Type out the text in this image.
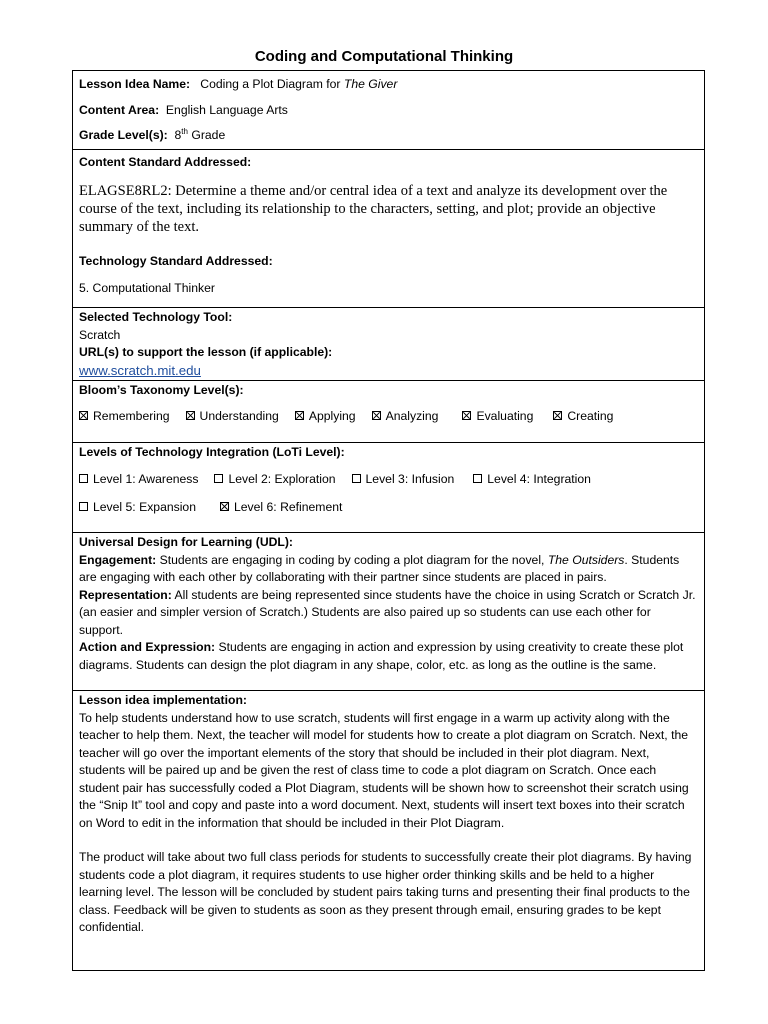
Coding and Computational Thinking
Lesson Idea Name: Coding a Plot Diagram for The Giver
Content Area: English Language Arts
Grade Level(s): 8th Grade
Content Standard Addressed:
ELAGSE8RL2: Determine a theme and/or central idea of a text and analyze its development over the course of the text, including its relationship to the characters, setting, and plot; provide an objective summary of the text.
Technology Standard Addressed:
5. Computational Thinker
Selected Technology Tool:
Scratch
URL(s) to support the lesson (if applicable):
www.scratch.mit.edu
Bloom’s Taxonomy Level(s):
Remembering Understanding Applying Analyzing	Evaluating	Creating
Levels of Technology Integration (LoTi Level):
Level 1: Awareness Level 2: Exploration Level 3: Infusion	Level 4: Integration
Level 5: Expansion	Level 6: Refinement
Universal Design for Learning (UDL):
Engagement: Students are engaging in coding by coding a plot diagram for the novel, The Outsiders. Students are engaging with each other by collaborating with their partner since students are placed in pairs.
Representation: All students are being represented since students have the choice in using Scratch or Scratch Jr. (an easier and simpler version of Scratch.) Students are also paired up so students can use each other for support.
Action and Expression: Students are engaging in action and expression by using creativity to create these plot diagrams. Students can design the plot diagram in any shape, color, etc. as long as the outline is the same.
Lesson idea implementation:
To help students understand how to use scratch, students will first engage in a warm up activity along with the teacher to help them. Next, the teacher will model for students how to create a plot diagram on Scratch. Next, the teacher will go over the important elements of the story that should be included in their plot diagram. Next, students will be paired up and be given the rest of class time to code a plot diagram on Scratch. Once each student pair has successfully coded a Plot Diagram, students will be shown how to screenshot their scratch using the “Snip It” tool and copy and paste into a word document. Next, students will insert text boxes into their scratch on Word to edit in the information that should be included in their Plot Diagram.
The product will take about two full class periods for students to successfully create their plot diagrams. By having students code a plot diagram, it requires students to use higher order thinking skills and be held to a higher learning level. The lesson will be concluded by student pairs taking turns and presenting their final products to the class. Feedback will be given to students as soon as they present through email, ensuring grades to be kept confidential.
